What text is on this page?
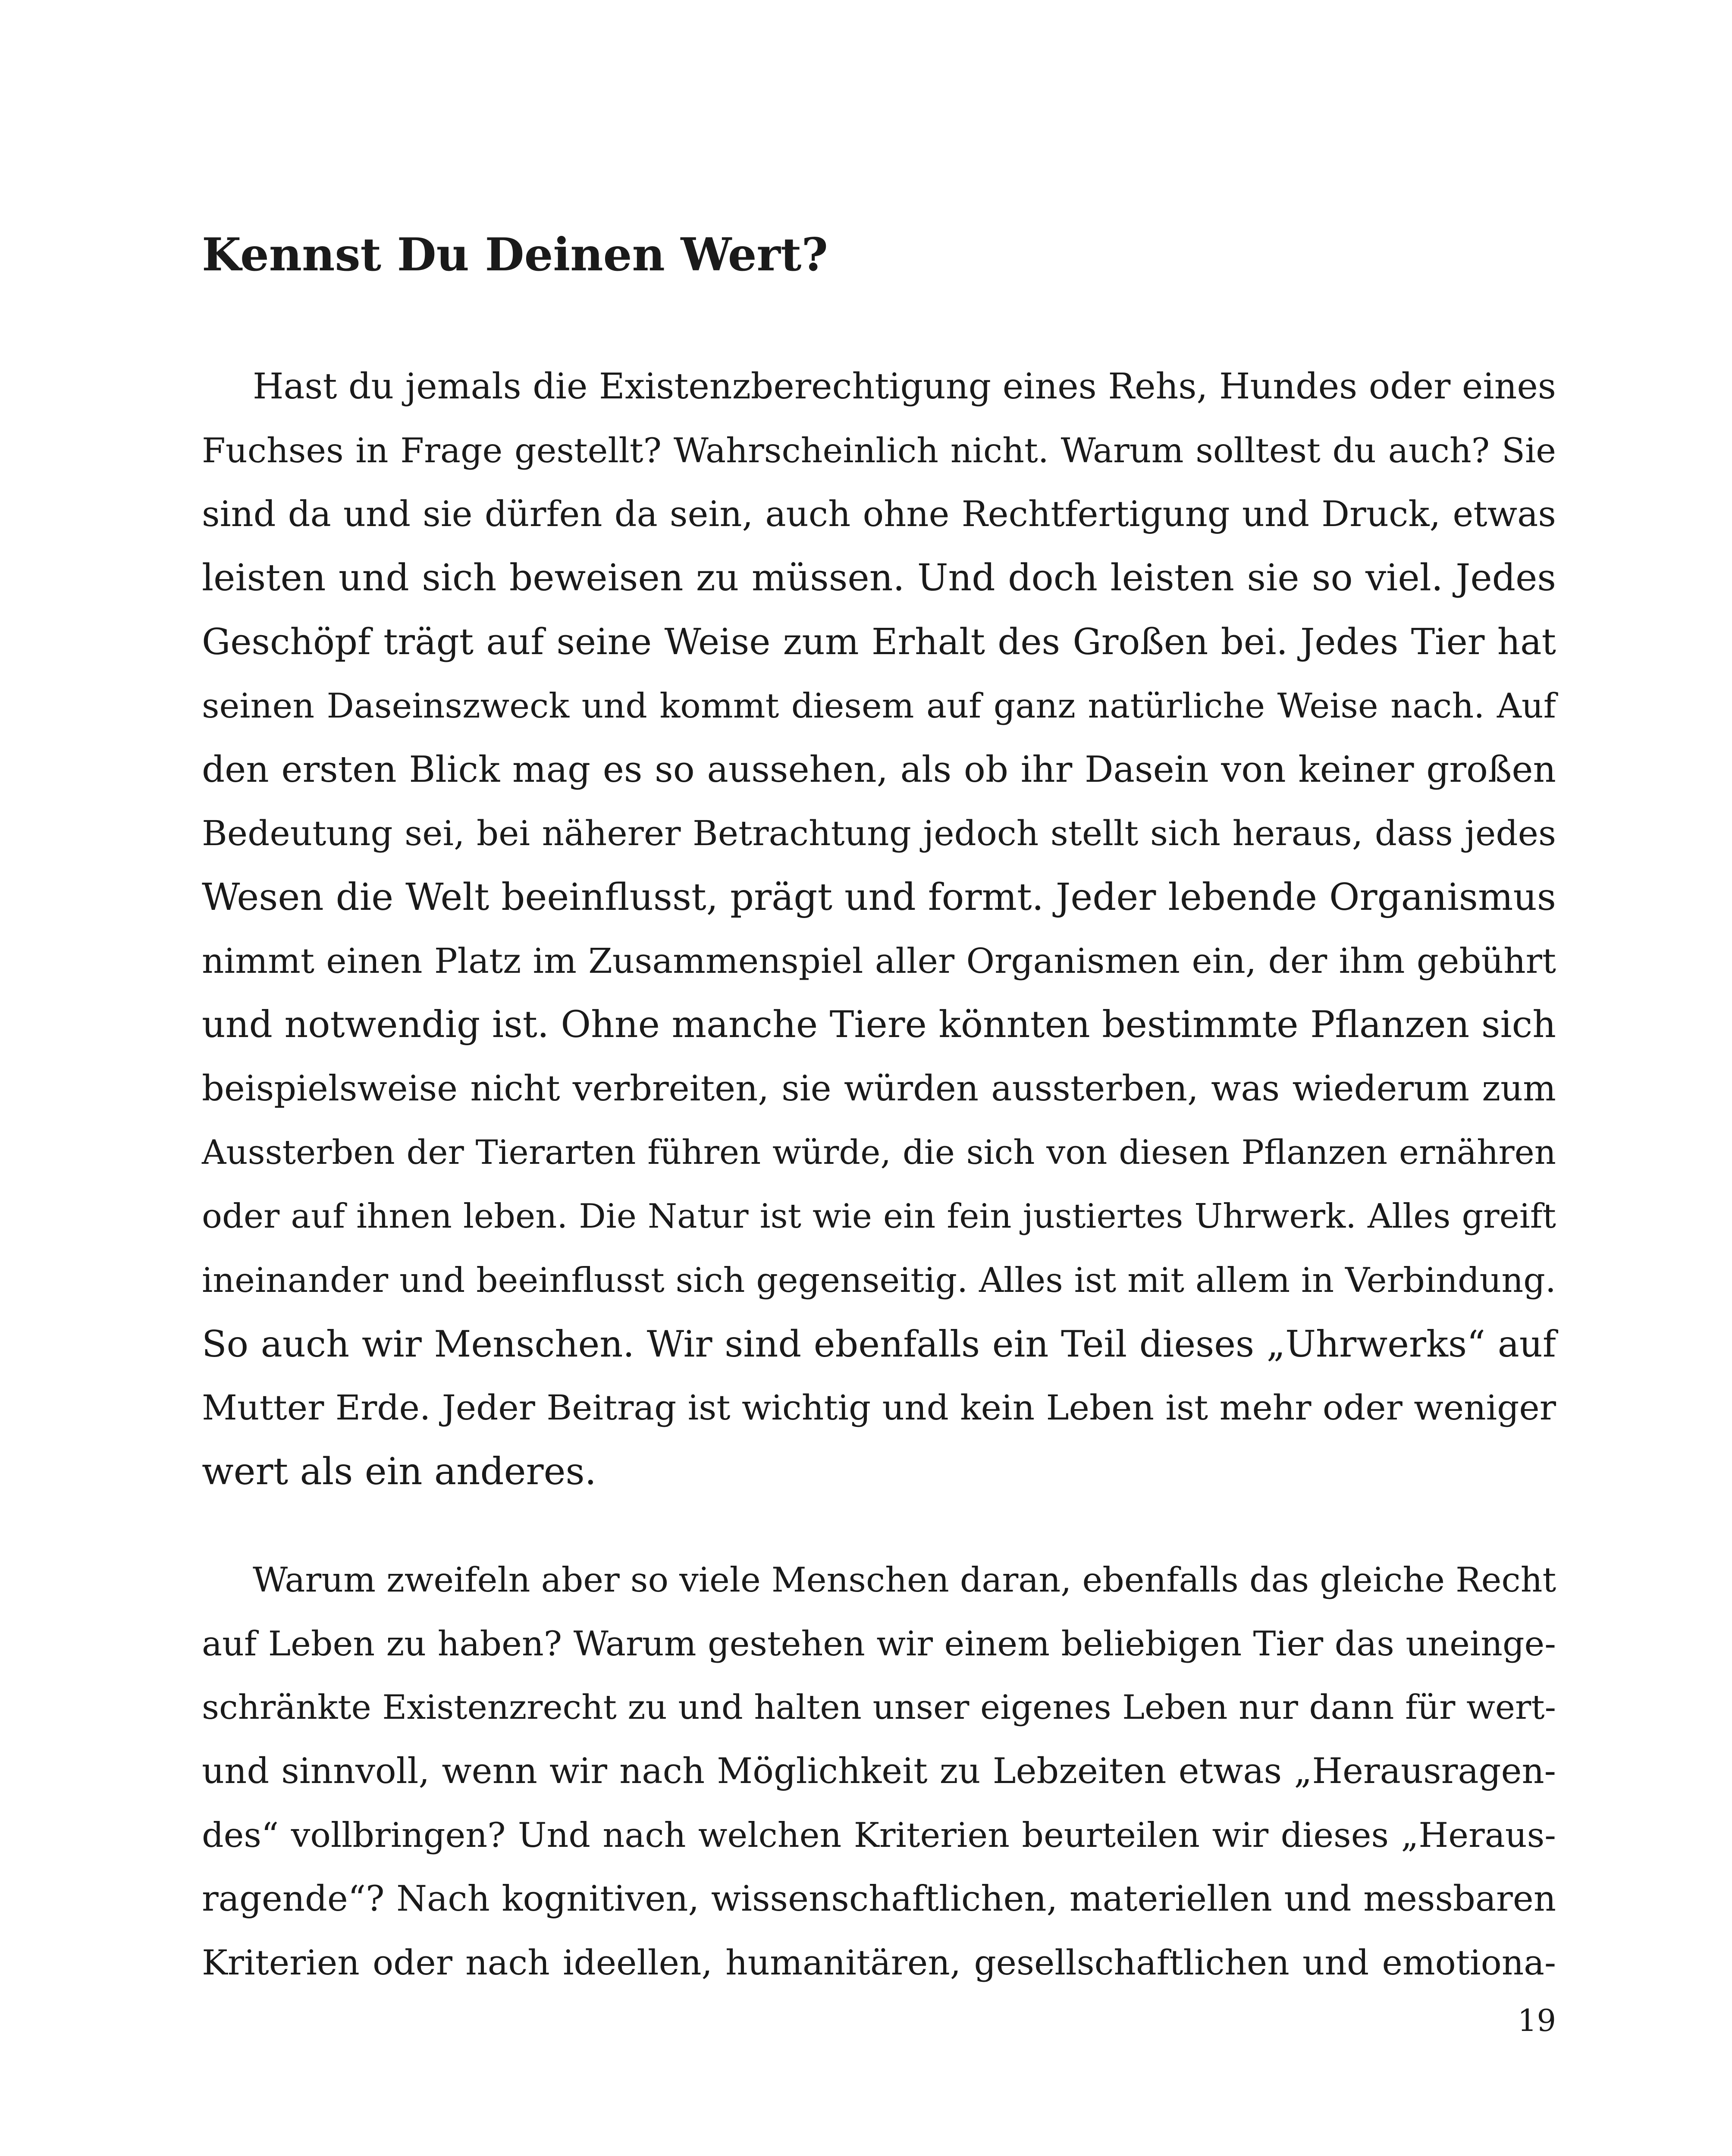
Kennst Du Deinen Wert?
Hast du jemals die Existenzberechtigung eines Rehs, Hundes oder eines
Fuchses in Frage gestellt? Wahrscheinlich nicht. Warum solltest du auch? Sie
sind da und sie dürfen da sein, auch ohne Rechtfertigung und Druck, etwas
leisten und sich beweisen zu müssen. Und doch leisten sie so viel. Jedes
Geschöpf trägt auf seine Weise zum Erhalt des Großen bei. Jedes Tier hat
seinen Daseinszweck und kommt diesem auf ganz natürliche Weise nach. Auf
den ersten Blick mag es so aussehen, als ob ihr Dasein von keiner großen
Bedeutung sei, bei näherer Betrachtung jedoch stellt sich heraus, dass jedes
Wesen die Welt beeinflusst, prägt und formt. Jeder lebende Organismus
nimmt einen Platz im Zusammenspiel aller Organismen ein, der ihm gebührt
und notwendig ist. Ohne manche Tiere könnten bestimmte Pflanzen sich
beispielsweise nicht verbreiten, sie würden aussterben, was wiederum zum
Aussterben der Tierarten führen würde, die sich von diesen Pflanzen ernähren
oder auf ihnen leben. Die Natur ist wie ein fein justiertes Uhrwerk. Alles greift
ineinander und beeinflusst sich gegenseitig. Alles ist mit allem in Verbindung.
So auch wir Menschen. Wir sind ebenfalls ein Teil dieses „Uhrwerks“ auf
Mutter Erde. Jeder Beitrag ist wichtig und kein Leben ist mehr oder weniger
wert als ein anderes.
Warum zweifeln aber so viele Menschen daran, ebenfalls das gleiche Recht
auf Leben zu haben? Warum gestehen wir einem beliebigen Tier das uneinge-
schränkte Existenzrecht zu und halten unser eigenes Leben nur dann für wert-
und sinnvoll, wenn wir nach Möglichkeit zu Lebzeiten etwas „Herausragen-
des“ vollbringen? Und nach welchen Kriterien beurteilen wir dieses „Heraus-
ragende“? Nach kognitiven, wissenschaftlichen, materiellen und messbaren
Kriterien oder nach ideellen, humanitären, gesellschaftlichen und emotiona-
19
